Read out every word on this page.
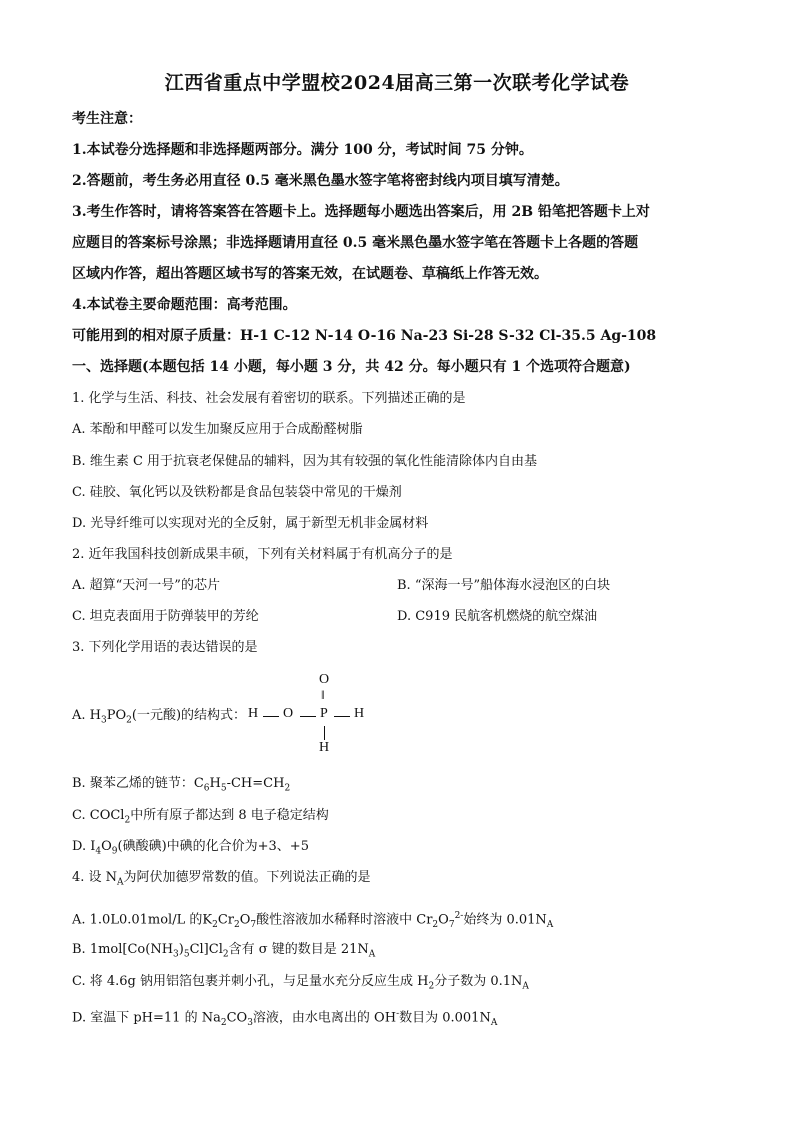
江西省重点中学盟校2024届高三第一次联考化学试卷
考生注意：
1.本试卷分选择题和非选择题两部分。满分 100 分，考试时间 75 分钟。
2.答题前，考生务必用直径 0.5 毫米黑色墨水签字笔将密封线内项目填写清楚。
3.考生作答时，请将答案答在答题卡上。选择题每小题选出答案后，用 2B 铅笔把答题卡上对
应题目的答案标号涂黑；非选择题请用直径 0.5 毫米黑色墨水签字笔在答题卡上各题的答题
区域内作答，超出答题区域书写的答案无效，在试题卷、草稿纸上作答无效。
4.本试卷主要命题范围：高考范围。
可能用到的相对原子质量：H-1 C-12 N-14 O-16 Na-23 Si-28 S-32 Cl-35.5 Ag-108
一、选择题(本题包括 14 小题，每小题 3 分，共 42 分。每小题只有 1 个选项符合题意)
1. 化学与生活、科技、社会发展有着密切的联系。下列描述正确的是
A. 苯酚和甲醛可以发生加聚反应用于合成酚醛树脂
B. 维生素 C 用于抗衰老保健品的辅料，因为其有较强的氧化性能清除体内自由基
C. 硅胶、氧化钙以及铁粉都是食品包装袋中常见的干燥剂
D. 光导纤维可以实现对光的全反射，属于新型无机非金属材料
2. 近年我国科技创新成果丰硕，下列有关材料属于有机高分子的是
A. 超算“天河一号”的芯片	B. “深海一号”船体海水浸泡区的白块
C. 坦克表面用于防弹装甲的芳纶	D. C919 民航客机燃烧的航空煤油
3. 下列化学用语的表达错误的是
A. $H_3PO_2$(一元酸)的结构式：
O
‖
H O P H
H
B. 聚苯乙烯的链节：$C_6H_5-CH=CH_2$
C. COCl$_2$中所有原子都达到 8 电子稳定结构
D. $I_4O_9$(碘酸碘)中碘的化合价为+3、+5
4. 设 $N_A$为阿伏加德罗常数的值。下列说法正确的是
A. 1.0L0.01mol/L 的$K_2Cr_2O_7$酸性溶液加水稀释时溶液中 $Cr_2O_7^{2-}$始终为 $0.01N_A$
B. $1mol[Co(NH_3)_5Cl]Cl_2$含有 σ 键的数目是 $21N_A$
C. 将 4.6g 钠用铝箔包裹并刺小孔，与足量水充分反应生成 $H_2$分子数为 $0.1N_A$
D. 室温下 pH=11 的 $Na_2CO_3$溶液，由水电离出的 OH-数目为 $0.001N_A$
